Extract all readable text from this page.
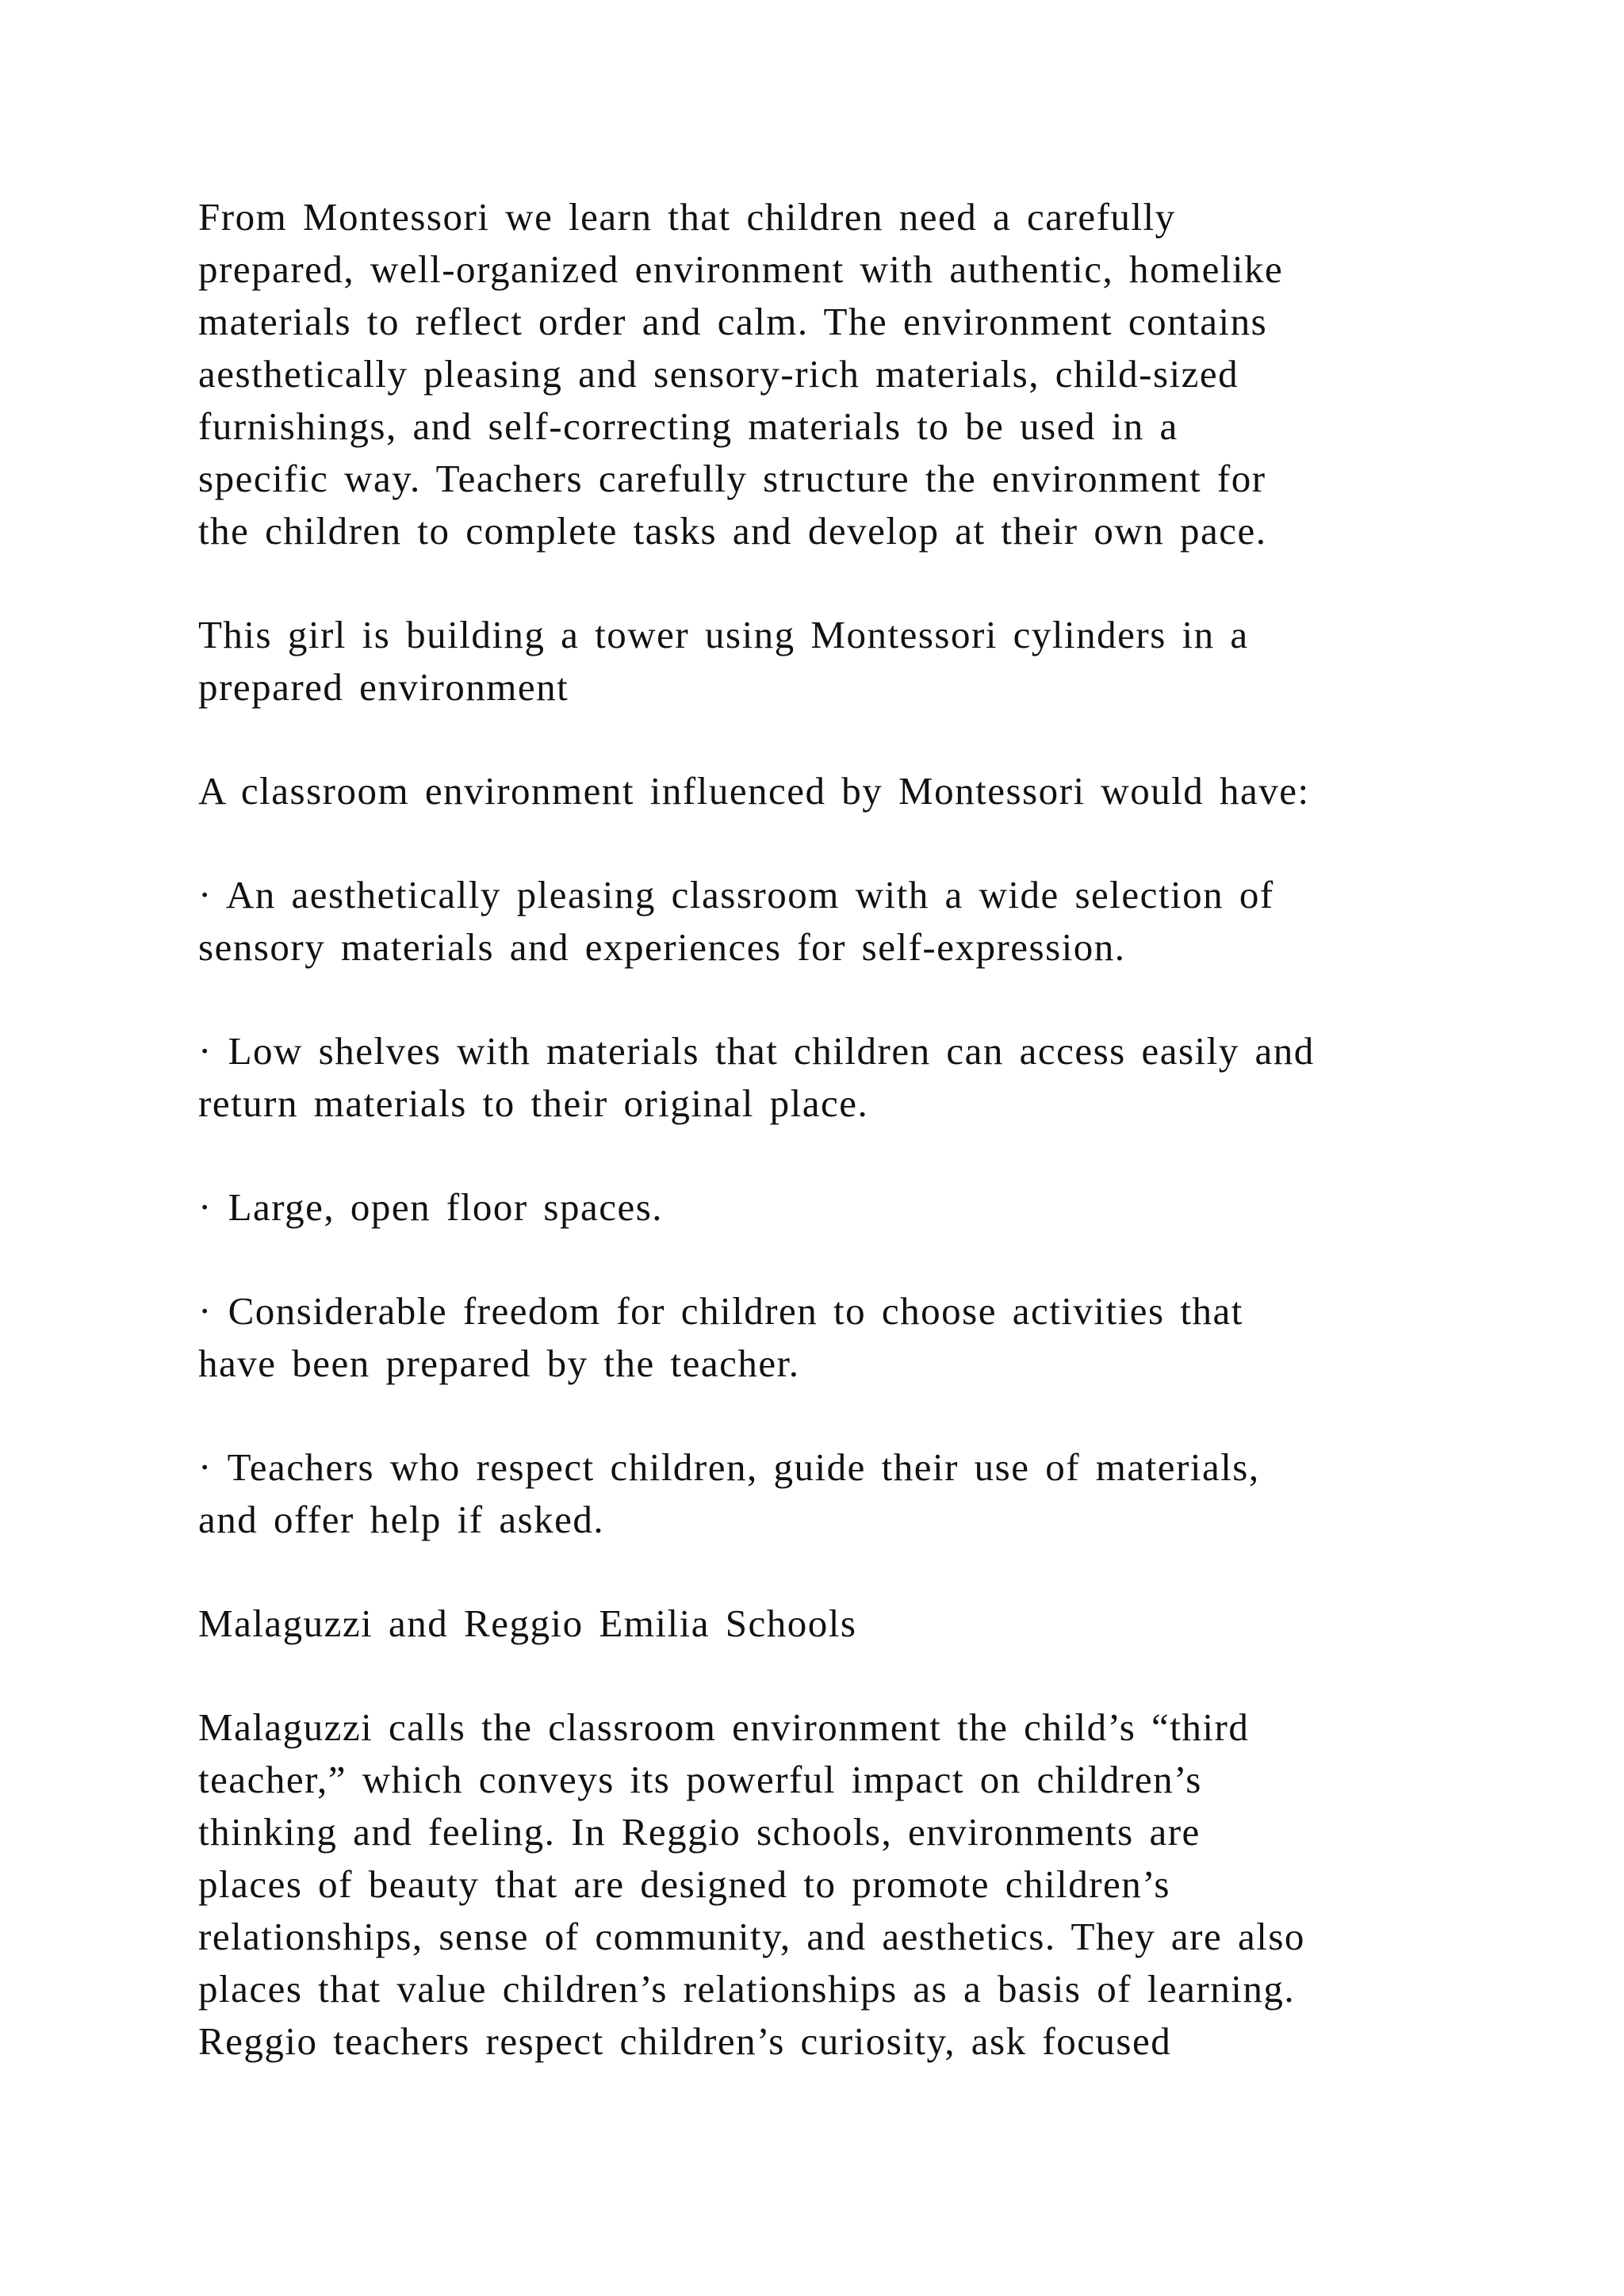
From Montessori we learn that children need a carefully
prepared, well-organized environment with authentic, homelike
materials to reflect order and calm. The environment contains
aesthetically pleasing and sensory-rich materials, child-sized
furnishings, and self-correcting materials to be used in a
specific way. Teachers carefully structure the environment for
the children to complete tasks and develop at their own pace.

This girl is building a tower using Montessori cylinders in a
prepared environment

A classroom environment influenced by Montessori would have:

· An aesthetically pleasing classroom with a wide selection of
sensory materials and experiences for self-expression.

· Low shelves with materials that children can access easily and
return materials to their original place.

· Large, open floor spaces.

· Considerable freedom for children to choose activities that
have been prepared by the teacher.

· Teachers who respect children, guide their use of materials,
and offer help if asked.

Malaguzzi and Reggio Emilia Schools

Malaguzzi calls the classroom environment the child’s “third
teacher,” which conveys its powerful impact on children’s
thinking and feeling. In Reggio schools, environments are
places of beauty that are designed to promote children’s
relationships, sense of community, and aesthetics. They are also
places that value children’s relationships as a basis of learning.
Reggio teachers respect children’s curiosity, ask focused
